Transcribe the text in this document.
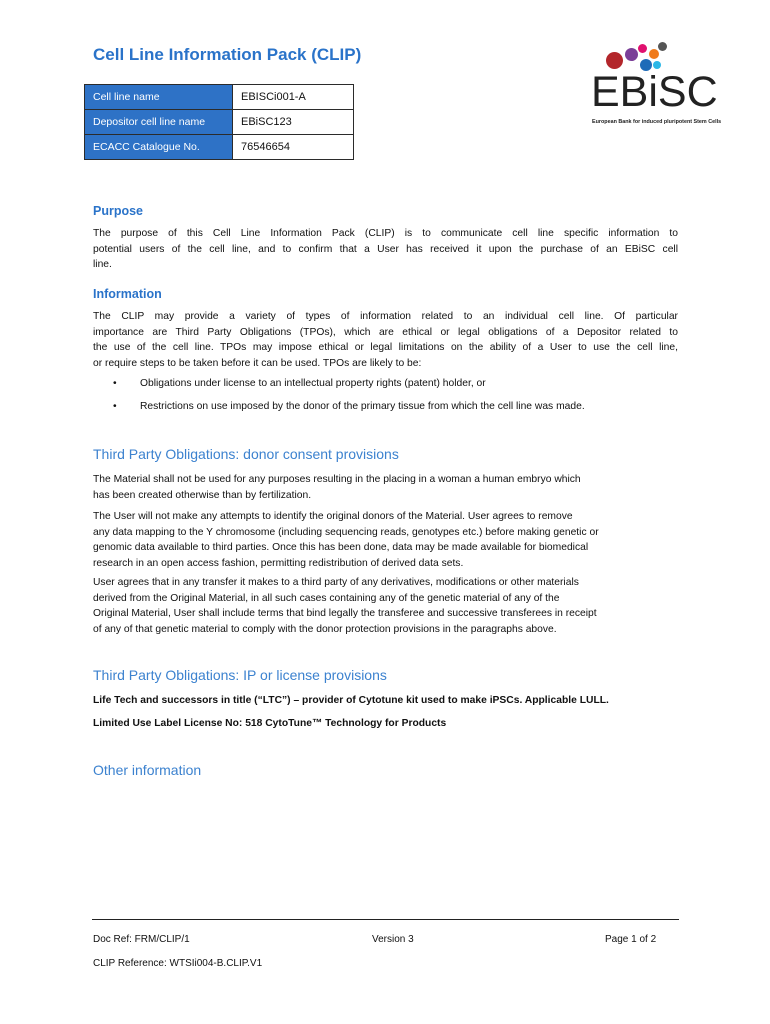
Cell Line Information Pack (CLIP)
Cell line name	EBISCi001-A
Depositor cell line name	EBiSC123
ECACC Catalogue No.	76546654
EBiSC
European Bank for induced pluripotent Stem Cells
Purpose
The purpose of this Cell Line Information Pack (CLIP) is to communicate cell line specific information to
potential users of the cell line, and to confirm that a User has received it upon the purchase of an EBiSC cell
line.
Information
The CLIP may provide a variety of types of information related to an individual cell line. Of particular
importance are Third Party Obligations (TPOs), which are ethical or legal obligations of a Depositor related to
the use of the cell line. TPOs may impose ethical or legal limitations on the ability of a User to use the cell line,
or require steps to be taken before it can be used. TPOs are likely to be:
• Obligations under license to an intellectual property rights (patent) holder, or
• Restrictions on use imposed by the donor of the primary tissue from which the cell line was made.
Third Party Obligations: donor consent provisions
The Material shall not be used for any purposes resulting in the placing in a woman a human embryo which
has been created otherwise than by fertilization.
The User will not make any attempts to identify the original donors of the Material. User agrees to remove
any data mapping to the Y chromosome (including sequencing reads, genotypes etc.) before making genetic or
genomic data available to third parties. Once this has been done, data may be made available for biomedical
research in an open access fashion, permitting redistribution of derived data sets.
User agrees that in any transfer it makes to a third party of any derivatives, modifications or other materials
derived from the Original Material, in all such cases containing any of the genetic material of any of the
Original Material, User shall include terms that bind legally the transferee and successive transferees in receipt
of any of that genetic material to comply with the donor protection provisions in the paragraphs above.
Third Party Obligations: IP or license provisions
Life Tech and successors in title (“LTC”) – provider of Cytotune kit used to make iPSCs. Applicable LULL.
Limited Use Label License No: 518 CytoTune™ Technology for Products
Other information
Doc Ref: FRM/CLIP/1	Version 3	Page 1 of 2
CLIP Reference: WTSIi004-B.CLIP.V1
